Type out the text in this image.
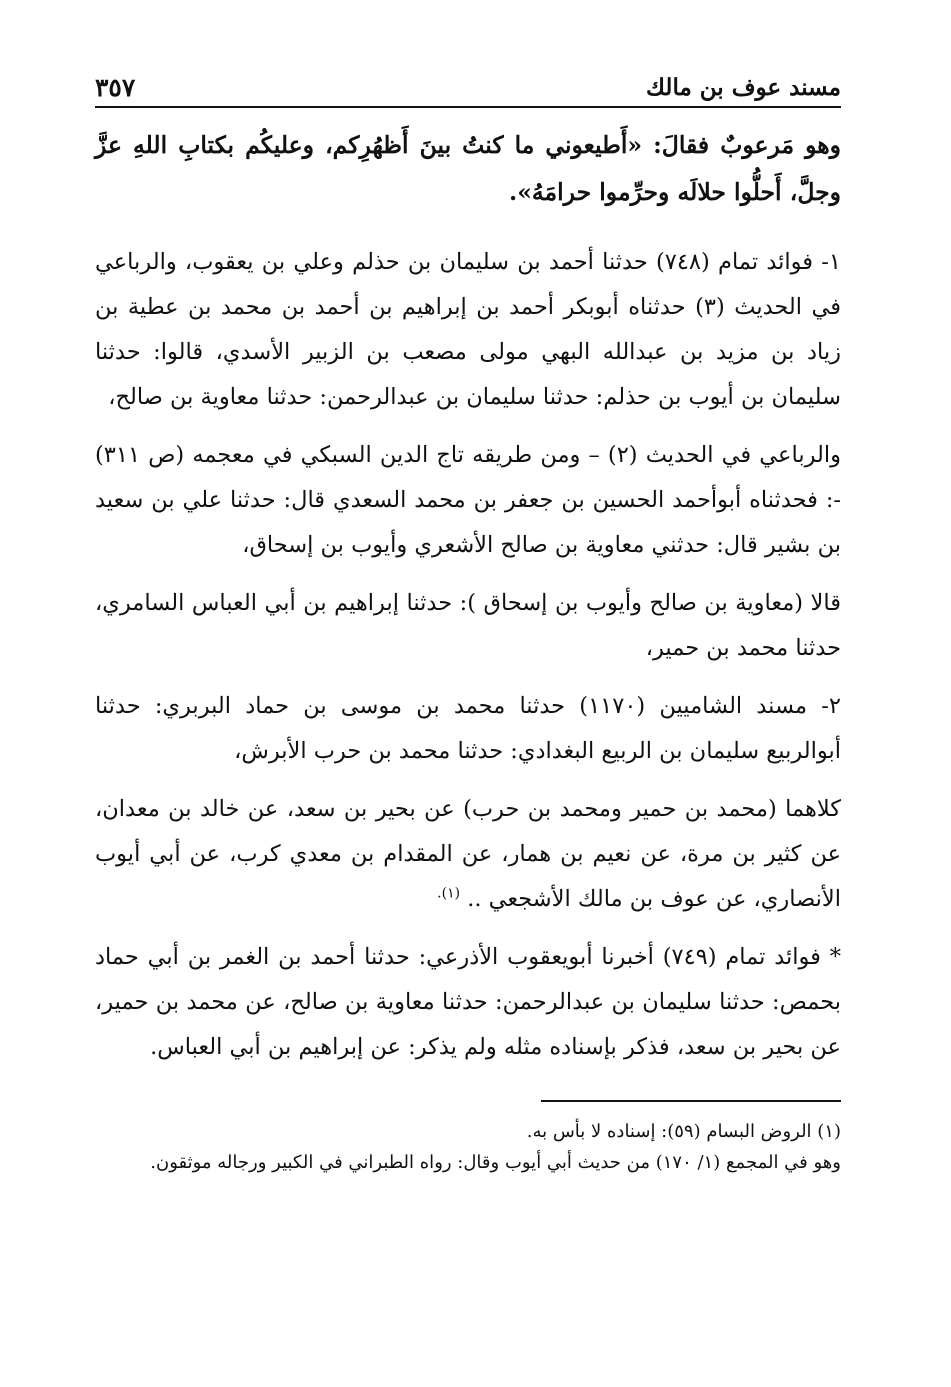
مسند عوف بن مالك
٣٥٧

وهو مَرعوبٌ فقالَ: «أَطيعوني ما كنتُ بينَ أَظهُرِكم، وعليكُم بكتابِ اللهِ عزَّ وجلَّ، أَحلُّوا حلالَه وحرِّموا حرامَهُ».

١- فوائد تمام (٧٤٨) حدثنا أحمد بن سليمان بن حذلم وعلي بن يعقوب، والرباعي في الحديث (٣) حدثناه أبوبكر أحمد بن إبراهيم بن أحمد بن محمد بن عطية بن زياد بن مزيد بن عبدالله البهي مولى مصعب بن الزبير الأسدي، قالوا: حدثنا سليمان بن أيوب بن حذلم: حدثنا سليمان بن عبدالرحمن: حدثنا معاوية بن صالح،

والرباعي في الحديث (٢) – ومن طريقه تاج الدين السبكي في معجمه (ص ٣١١) -: فحدثناه أبوأحمد الحسين بن جعفر بن محمد السعدي قال: حدثنا علي بن سعيد بن بشير قال: حدثني معاوية بن صالح الأشعري وأيوب بن إسحاق،

قالا (معاوية بن صالح وأيوب بن إسحاق ): حدثنا إبراهيم بن أبي العباس السامري، حدثنا محمد بن حمير،

٢- مسند الشاميين (١١٧٠) حدثنا محمد بن موسى بن حماد البربري: حدثنا أبوالربيع سليمان بن الربيع البغدادي: حدثنا محمد بن حرب الأبرش،

كلاهما (محمد بن حمير ومحمد بن حرب) عن بحير بن سعد، عن خالد بن معدان، عن كثير بن مرة، عن نعيم بن همار، عن المقدام بن معدي كرب، عن أبي أيوب الأنصاري، عن عوف بن مالك الأشجعي .. $^{(١).}$

* فوائد تمام (٧٤٩) أخبرنا أبويعقوب الأذرعي: حدثنا أحمد بن الغمر بن أبي حماد بحمص: حدثنا سليمان بن عبدالرحمن: حدثنا معاوية بن صالح، عن محمد بن حمير، عن بحير بن سعد، فذكر بإسناده مثله ولم يذكر: عن إبراهيم بن أبي العباس.

(١) الروض البسام (٥٩): إسناده لا بأس به.

وهو في المجمع (١/ ١٧٠) من حديث أبي أيوب وقال: رواه الطبراني في الكبير ورجاله موثقون.
